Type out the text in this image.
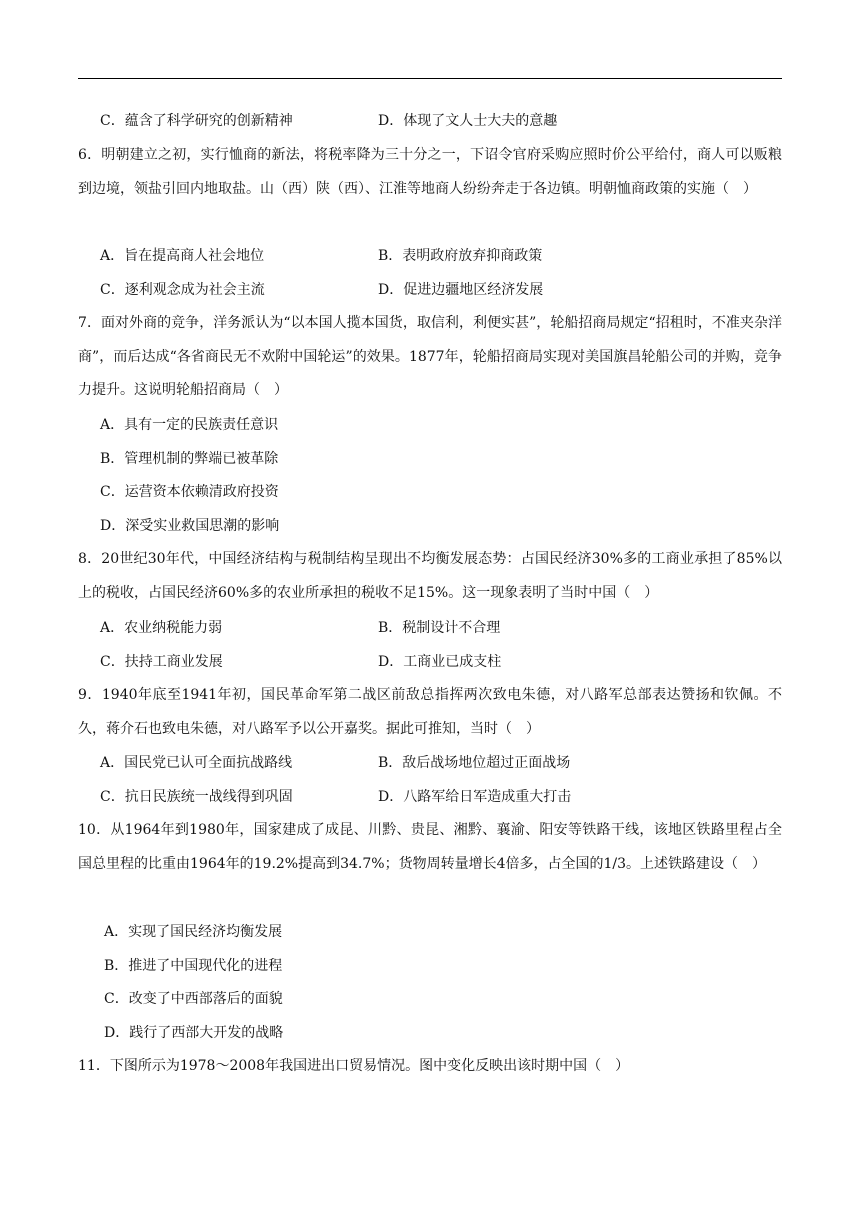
C．蕴含了科学研究的创新精神	D．体现了文人士大夫的意趣
6．明朝建立之初，实行恤商的新法，将税率降为三十分之一，下诏令官府采购应照时价公平给付，商人可以贩粮到边境，领盐引回内地取盐。山（西）陕（西）、江淮等地商人纷纷奔走于各边镇。明朝恤商政策的实施（　）
A．旨在提高商人社会地位	B．表明政府放弃抑商政策
C．逐利观念成为社会主流	D．促进边疆地区经济发展
7．面对外商的竞争，洋务派认为“以本国人揽本国货，取信利，利便实甚”，轮船招商局规定“招租时，不准夹杂洋商”，而后达成“各省商民无不欢附中国轮运”的效果。1877年，轮船招商局实现对美国旗昌轮船公司的并购，竞争力提升。这说明轮船招商局（　）
A．具有一定的民族责任意识
B．管理机制的弊端已被革除
C．运营资本依赖清政府投资
D．深受实业救国思潮的影响
8．20世纪30年代，中国经济结构与税制结构呈现出不均衡发展态势：占国民经济30%多的工商业承担了85%以上的税收，占国民经济60%多的农业所承担的税收不足15%。这一现象表明了当时中国（　）
A．农业纳税能力弱	B．税制设计不合理
C．扶持工商业发展	D．工商业已成支柱
9．1940年底至1941年初，国民革命军第二战区前敌总指挥两次致电朱德，对八路军总部表达赞扬和钦佩。不久，蒋介石也致电朱德，对八路军予以公开嘉奖。据此可推知，当时（　）
A．国民党已认可全面抗战路线	B．敌后战场地位超过正面战场
C．抗日民族统一战线得到巩固	D．八路军给日军造成重大打击
10．从1964年到1980年，国家建成了成昆、川黔、贵昆、湘黔、襄渝、阳安等铁路干线，该地区铁路里程占全国总里程的比重由1964年的19.2%提高到34.7%；货物周转量增长4倍多，占全国的1/3。上述铁路建设（　）
A．实现了国民经济均衡发展
B．推进了中国现代化的进程
C．改变了中西部落后的面貌
D．践行了西部大开发的战略
11．下图所示为1978～2008年我国进出口贸易情况。图中变化反映出该时期中国（　）
